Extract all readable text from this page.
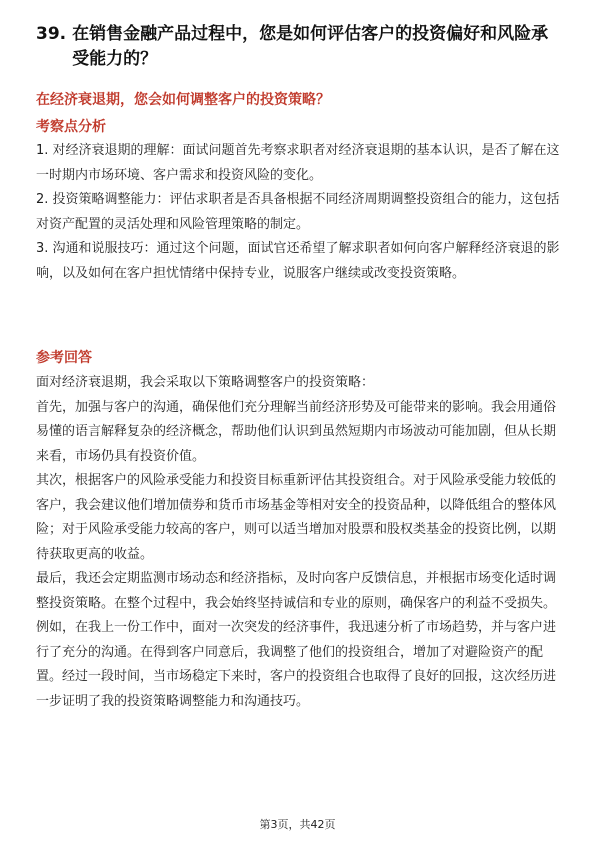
39. 在销售金融产品过程中，您是如何评估客户的投资偏好和风险承受能力的？
在经济衰退期，您会如何调整客户的投资策略？
考察点分析

1. 对经济衰退期的理解：面试问题首先考察求职者对经济衰退期的基本认识，是否了解在这一时期内市场环境、客户需求和投资风险的变化。

2. 投资策略调整能力：评估求职者是否具备根据不同经济周期调整投资组合的能力，这包括对资产配置的灵活处理和风险管理策略的制定。

3. 沟通和说服技巧：通过这个问题，面试官还希望了解求职者如何向客户解释经济衰退的影响，以及如何在客户担忧情绪中保持专业，说服客户继续或改变投资策略。

参考回答

面对经济衰退期，我会采取以下策略调整客户的投资策略：

首先，加强与客户的沟通，确保他们充分理解当前经济形势及可能带来的影响。我会用通俗易懂的语言解释复杂的经济概念，帮助他们认识到虽然短期内市场波动可能加剧，但从长期来看，市场仍具有投资价值。

其次，根据客户的风险承受能力和投资目标重新评估其投资组合。对于风险承受能力较低的客户，我会建议他们增加债券和货币市场基金等相对安全的投资品种，以降低组合的整体风险；对于风险承受能力较高的客户，则可以适当增加对股票和股权类基金的投资比例，以期待获取更高的收益。

最后，我还会定期监测市场动态和经济指标，及时向客户反馈信息，并根据市场变化适时调整投资策略。在整个过程中，我会始终坚持诚信和专业的原则，确保客户的利益不受损失。

例如，在我上一份工作中，面对一次突发的经济事件，我迅速分析了市场趋势，并与客户进行了充分的沟通。在得到客户同意后，我调整了他们的投资组合，增加了对避险资产的配置。经过一段时间，当市场稳定下来时，客户的投资组合也取得了良好的回报，这次经历进一步证明了我的投资策略调整能力和沟通技巧。

第3页，共42页
